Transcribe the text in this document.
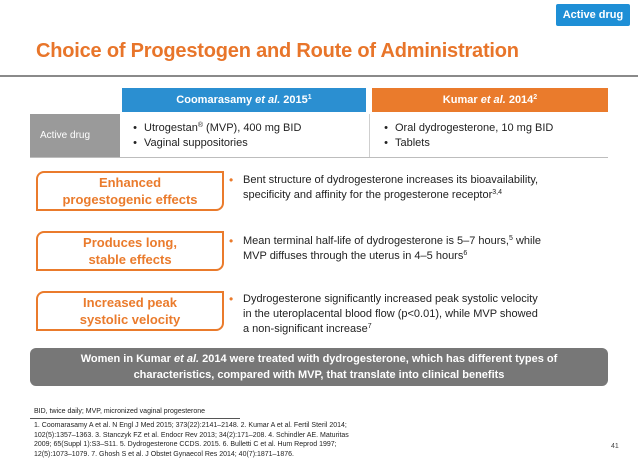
Active drug
Choice of Progestogen and Route of Administration
Coomarasamy et al. 2015$^1$	Kumar et al. 2014$^2$
Active drug
• Utrogestan® (MVP), 400 mg BID
• Vaginal suppositories
• Oral dydrogesterone, 10 mg BID
• Tablets
Enhanced
progestogenic effects
• Bent structure of dydrogesterone increases its bioavailability,
specificity and affinity for the progesterone receptor$^{3,4}$
Produces long,
stable effects
• Mean terminal half-life of dydrogesterone is 5–7 hours,$^5$ while
MVP diffuses through the uterus in 4–5 hours$^6$
Increased peak
systolic velocity
• Dydrogesterone significantly increased peak systolic velocity
in the uteroplacental blood flow (p<0.01), while MVP showed
a non-significant increase$^7$
Women in Kumar et al. 2014 were treated with dydrogesterone, which has different types of
characteristics, compared with MVP, that translate into clinical benefits
BID, twice daily; MVP, micronized vaginal progesterone
1. Coomarasamy A et al. N Engl J Med 2015; 373(22):2141–2148. 2. Kumar A et al. Fertil Steril 2014;
102(5):1357–1363. 3. Stanczyk FZ et al. Endocr Rev 2013; 34(2):171–208. 4. Schindler AE. Maturitas
2009; 65(Suppl 1):S3–S11. 5. Dydrogesterone CCDS. 2015. 6. Bulletti C et al. Hum Reprod 1997;
12(5):1073–1079. 7. Ghosh S et al. J Obstet Gynaecol Res 2014; 40(7):1871–1876.
41
